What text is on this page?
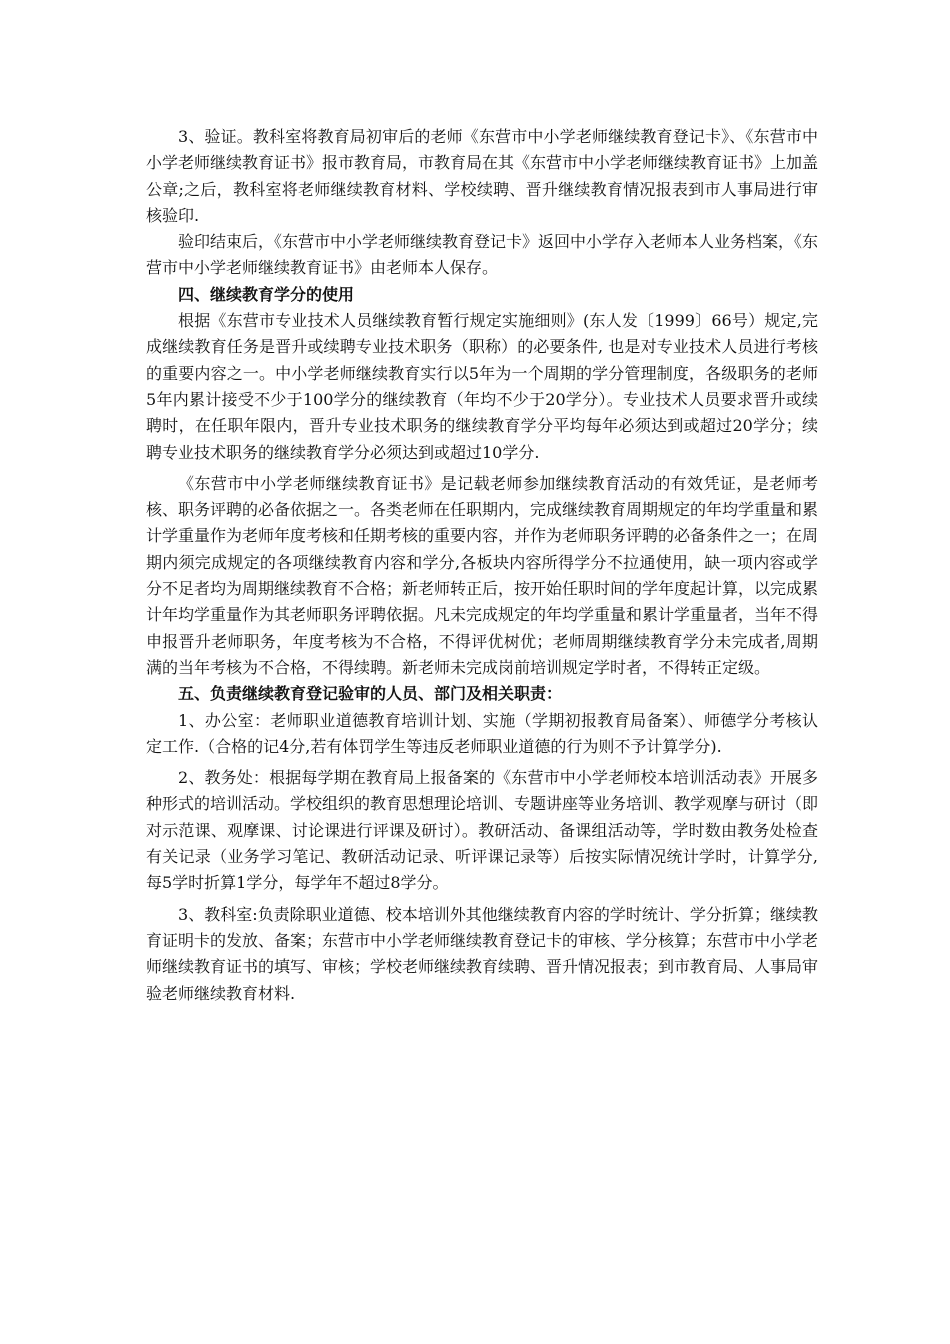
3、验证。教科室将教育局初审后的老师《东营市中小学老师继续教育登记卡》、《东营市中小学老师继续教育证书》报市教育局，市教育局在其《东营市中小学老师继续教育证书》上加盖公章;之后，教科室将老师继续教育材料、学校续聘、晋升继续教育情况报表到市人事局进行审核验印.

验印结束后，《东营市中小学老师继续教育登记卡》返回中小学存入老师本人业务档案，《东营市中小学老师继续教育证书》由老师本人保存。

四、继续教育学分的使用

根据《东营市专业技术人员继续教育暂行规定实施细则》(东人发〔1999〕66号）规定,完成继续教育任务是晋升或续聘专业技术职务（职称）的必要条件, 也是对专业技术人员进行考核的重要内容之一。中小学老师继续教育实行以5年为一个周期的学分管理制度，各级职务的老师5年内累计接受不少于100学分的继续教育（年均不少于20学分）。专业技术人员要求晋升或续聘时，在任职年限内，晋升专业技术职务的继续教育学分平均每年必须达到或超过20学分；续聘专业技术职务的继续教育学分必须达到或超过10学分.

《东营市中小学老师继续教育证书》是记载老师参加继续教育活动的有效凭证，是老师考核、职务评聘的必备依据之一。各类老师在任职期内，完成继续教育周期规定的年均学重量和累计学重量作为老师年度考核和任期考核的重要内容，并作为老师职务评聘的必备条件之一；在周期内须完成规定的各项继续教育内容和学分,各板块内容所得学分不拉通使用，缺一项内容或学分不足者均为周期继续教育不合格；新老师转正后，按开始任职时间的学年度起计算，以完成累计年均学重量作为其老师职务评聘依据。凡未完成规定的年均学重量和累计学重量者，当年不得申报晋升老师职务，年度考核为不合格，不得评优树优；老师周期继续教育学分未完成者,周期满的当年考核为不合格，不得续聘。新老师未完成岗前培训规定学时者，不得转正定级。

五、负责继续教育登记验审的人员、部门及相关职责：

1、办公室：老师职业道德教育培训计划、实施（学期初报教育局备案）、师德学分考核认定工作.（合格的记4分,若有体罚学生等违反老师职业道德的行为则不予计算学分).

2、教务处：根据每学期在教育局上报备案的《东营市中小学老师校本培训活动表》开展多种形式的培训活动。学校组织的教育思想理论培训、专题讲座等业务培训、教学观摩与研讨（即对示范课、观摩课、讨论课进行评课及研讨）。教研活动、备课组活动等，学时数由教务处检查有关记录（业务学习笔记、教研活动记录、听评课记录等）后按实际情况统计学时，计算学分,每5学时折算1学分，每学年不超过8学分。

3、教科室:负责除职业道德、校本培训外其他继续教育内容的学时统计、学分折算；继续教育证明卡的发放、备案；东营市中小学老师继续教育登记卡的审核、学分核算；东营市中小学老师继续教育证书的填写、审核；学校老师继续教育续聘、晋升情况报表；到市教育局、人事局审验老师继续教育材料.
